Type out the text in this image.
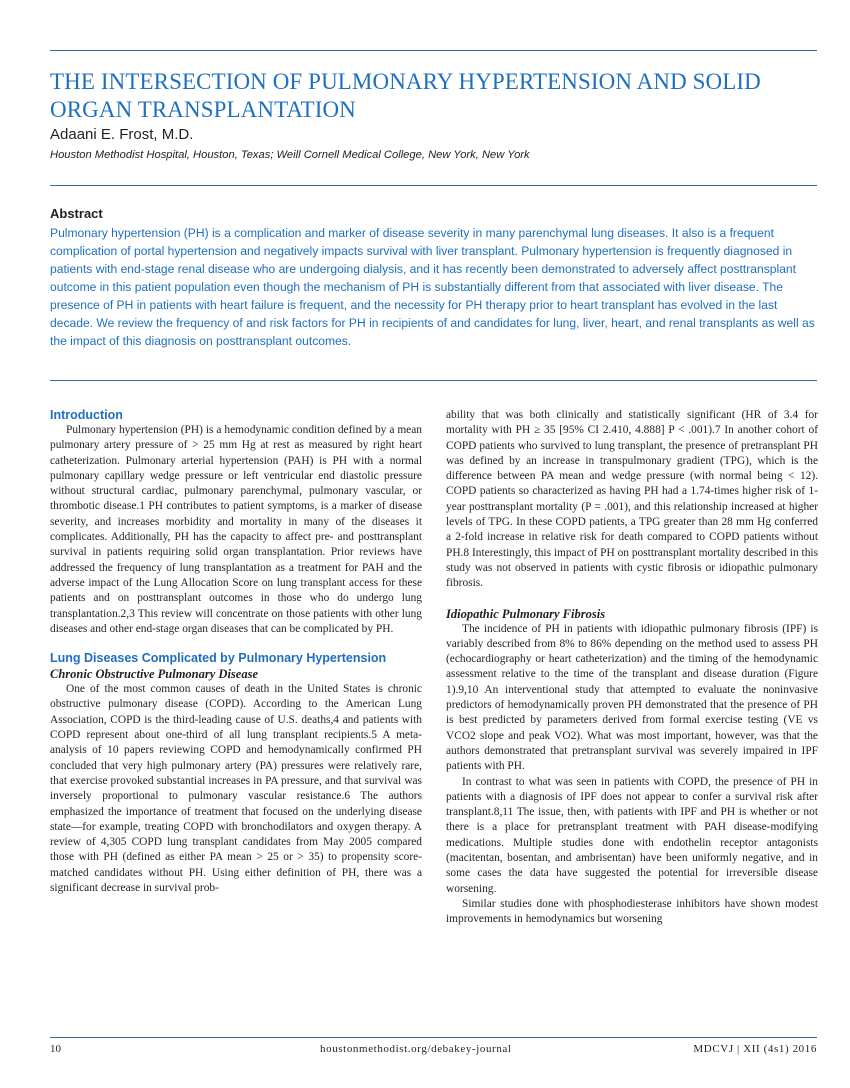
THE INTERSECTION OF PULMONARY HYPERTENSION AND SOLID ORGAN TRANSPLANTATION

Adaani E. Frost, M.D.

Houston Methodist Hospital, Houston, Texas; Weill Cornell Medical College, New York, New York

Abstract

Pulmonary hypertension (PH) is a complication and marker of disease severity in many parenchymal lung diseases. It also is a frequent complication of portal hypertension and negatively impacts survival with liver transplant. Pulmonary hypertension is frequently diagnosed in patients with end-stage renal disease who are undergoing dialysis, and it has recently been demonstrated to adversely affect posttransplant outcome in this patient population even though the mechanism of PH is substantially different from that associated with liver disease. The presence of PH in patients with heart failure is frequent, and the necessity for PH therapy prior to heart transplant has evolved in the last decade. We review the frequency of and risk factors for PH in recipients of and candidates for lung, liver, heart, and renal transplants as well as the impact of this diagnosis on posttransplant outcomes.

Introduction

Pulmonary hypertension (PH) is a hemodynamic condition defined by a mean pulmonary artery pressure of > 25 mm Hg at rest as measured by right heart catheterization. Pulmonary arterial hypertension (PAH) is PH with a normal pulmonary capillary wedge pressure or left ventricular end diastolic pressure without structural cardiac, pulmonary parenchymal, pulmonary vascular, or thrombotic disease.1 PH contributes to patient symptoms, is a marker of disease severity, and increases morbidity and mortality in many of the diseases it complicates. Additionally, PH has the capacity to affect pre- and posttransplant survival in patients requiring solid organ transplantation. Prior reviews have addressed the frequency of lung transplantation as a treatment for PAH and the adverse impact of the Lung Allocation Score on lung transplant access for these patients and on posttransplant outcomes in those who do undergo lung transplantation.2,3 This review will concentrate on those patients with other lung diseases and other end-stage organ diseases that can be complicated by PH.

Lung Diseases Complicated by Pulmonary Hypertension
Chronic Obstructive Pulmonary Disease

One of the most common causes of death in the United States is chronic obstructive pulmonary disease (COPD). According to the American Lung Association, COPD is the third-leading cause of U.S. deaths,4 and patients with COPD represent about one-third of all lung transplant recipients.5 A meta-analysis of 10 papers reviewing COPD and hemodynamically confirmed PH concluded that very high pulmonary artery (PA) pressures were relatively rare, that exercise provoked substantial increases in PA pressure, and that survival was inversely proportional to pulmonary vascular resistance.6 The authors emphasized the importance of treatment that focused on the underlying disease state—for example, treating COPD with bronchodilators and oxygen therapy. A review of 4,305 COPD lung transplant candidates from May 2005 compared those with PH (defined as either PA mean > 25 or > 35) to propensity score-matched candidates without PH. Using either definition of PH, there was a significant decrease in survival prob-

ability that was both clinically and statistically significant (HR of 3.4 for mortality with PH ≥ 35 [95% CI 2.410, 4.888] P < .001).7 In another cohort of COPD patients who survived to lung transplant, the presence of pretransplant PH was defined by an increase in transpulmonary gradient (TPG), which is the difference between PA mean and wedge pressure (with normal being < 12). COPD patients so characterized as having PH had a 1.74-times higher risk of 1-year posttransplant mortality (P = .001), and this relationship increased at higher levels of TPG. In these COPD patients, a TPG greater than 28 mm Hg conferred a 2-fold increase in relative risk for death compared to COPD patients without PH.8 Interestingly, this impact of PH on posttransplant mortality described in this study was not observed in patients with cystic fibrosis or idiopathic pulmonary fibrosis.

Idiopathic Pulmonary Fibrosis

The incidence of PH in patients with idiopathic pulmonary fibrosis (IPF) is variably described from 8% to 86% depending on the method used to assess PH (echocardiography or heart catheterization) and the timing of the hemodynamic assessment relative to the time of the transplant and disease duration (Figure 1).9,10 An interventional study that attempted to evaluate the noninvasive predictors of hemodynamically proven PH demonstrated that the presence of PH is best predicted by parameters derived from formal exercise testing (VE vs VCO2 slope and peak VO2). What was most important, however, was that the authors demonstrated that pretransplant survival was severely impaired in IPF patients with PH.

In contrast to what was seen in patients with COPD, the presence of PH in patients with a diagnosis of IPF does not appear to confer a survival risk after transplant.8,11 The issue, then, with patients with IPF and PH is whether or not there is a place for pretransplant treatment with PAH disease-modifying medications. Multiple studies done with endothelin receptor antagonists (macitentan, bosentan, and ambrisentan) have been uniformly negative, and in some cases the data have suggested the potential for irreversible disease worsening.

Similar studies done with phosphodiesterase inhibitors have shown modest improvements in hemodynamics but worsening

10	houstonmethodist.org/debakey-journal	MDCVJ | XII (4s1) 2016
